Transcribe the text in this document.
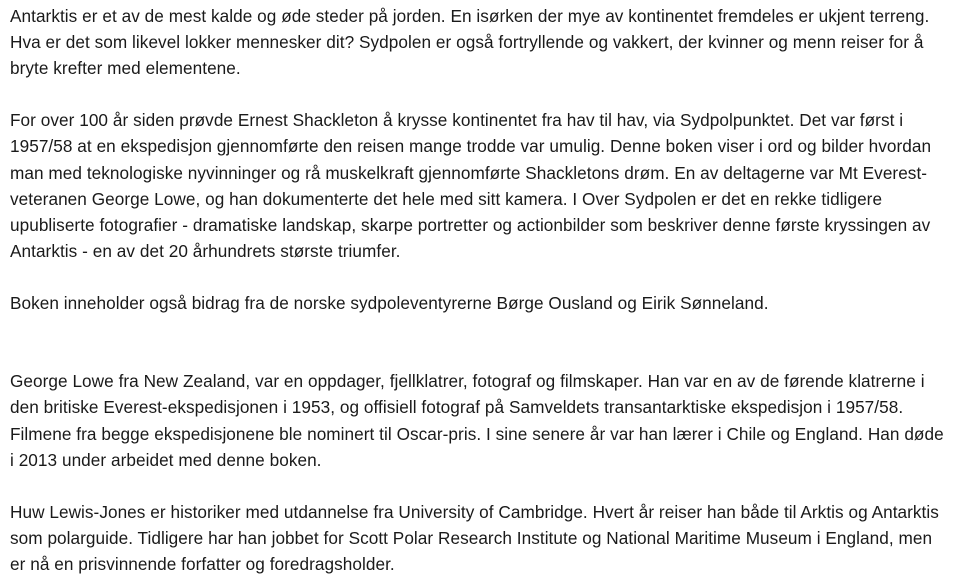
Antarktis er et av de mest kalde og øde steder på jorden. En isørken der mye av kontinentet fremdeles er ukjent terreng. Hva er det som likevel lokker mennesker dit? Sydpolen er også fortryllende og vakkert, der kvinner og menn reiser for å bryte krefter med elementene.

For over 100 år siden prøvde Ernest Shackleton å krysse kontinentet fra hav til hav, via Sydpolpunktet. Det var først i 1957/58 at en ekspedisjon gjennomførte den reisen mange trodde var umulig. Denne boken viser i ord og bilder hvordan man med teknologiske nyvinninger og rå muskelkraft gjennomførte Shackletons drøm. En av deltagerne var Mt Everest-veteranen George Lowe, og han dokumenterte det hele med sitt kamera. I Over Sydpolen er det en rekke tidligere upubliserte fotografier - dramatiske landskap, skarpe portretter og actionbilder som beskriver denne første kryssingen av Antarktis - en av det 20 århundrets største triumfer.

Boken inneholder også bidrag fra de norske sydpoleventyrerne Børge Ousland og Eirik Sønneland.

George Lowe fra New Zealand, var en oppdager, fjellklatrer, fotograf og filmskaper. Han var en av de førende klatrerne i den britiske Everest-ekspedisjonen i 1953, og offisiell fotograf på Samveldets transantarktiske ekspedisjon i 1957/58. Filmene fra begge ekspedisjonene ble nominert til Oscar-pris. I sine senere år var han lærer i Chile og England. Han døde i 2013 under arbeidet med denne boken.

Huw Lewis-Jones er historiker med utdannelse fra University of Cambridge. Hvert år reiser han både til Arktis og Antarktis som polarguide. Tidligere har han jobbet for Scott Polar Research Institute og National Maritime Museum i England, men er nå en prisvinnende forfatter og foredragsholder.
